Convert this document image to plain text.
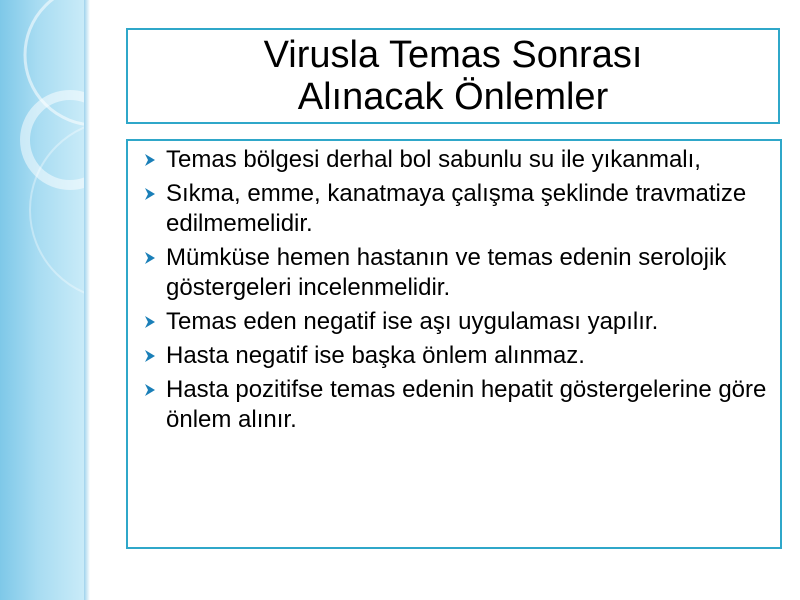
Virusla Temas Sonrası
Alınacak Önlemler
Temas bölgesi derhal bol sabunlu su ile yıkanmalı,
Sıkma, emme, kanatmaya çalışma şeklinde travmatize edilmemelidir.
Mümküse hemen hastanın ve temas edenin serolojik göstergeleri incelenmelidir.
Temas eden negatif ise aşı uygulaması yapılır.
Hasta negatif ise başka önlem alınmaz.
Hasta pozitifse temas edenin hepatit göstergelerine göre önlem alınır.
